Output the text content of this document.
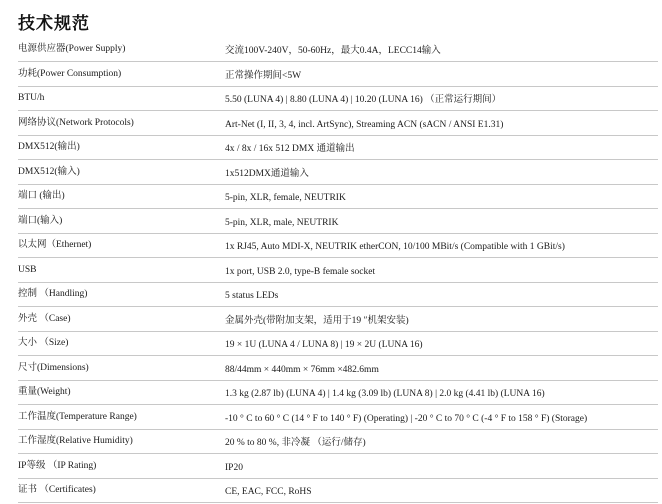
技术规范
电源供应器(Power Supply)	交流100V-240V，50-60Hz，最大0.4A，LECC14输入
功耗(Power Consumption)	正常操作期间<5W
BTU/h	5.50 (LUNA 4) | 8.80 (LUNA 4) | 10.20 (LUNA 16) （正常运行期间）
网络协议(Network Protocols)	Art-Net (I, II, 3, 4, incl. ArtSync), Streaming ACN (sACN / ANSI E1.31)
DMX512(输出)	4x / 8x / 16x 512 DMX 通道输出
DMX512(输入)	1x512DMX通道输入
端口 (输出)	5-pin, XLR, female, NEUTRIK
端口(输入)	5-pin, XLR, male, NEUTRIK
以太网（Ethernet)	1x RJ45, Auto MDI-X, NEUTRIK etherCON, 10/100 MBit/s (Compatible with 1 GBit/s)
USB	1x port, USB 2.0, type-B female socket
控制 （Handling)	5 status LEDs
外壳 （Case)	金属外壳(带附加支架，适用于19 ″机架安装)
大小 （Size)	19 × 1U (LUNA 4 / LUNA 8) | 19 × 2U (LUNA 16)
尺寸(Dimensions)	88/44mm × 440mm × 76mm ×482.6mm
重量(Weight)	1.3 kg (2.87 lb) (LUNA 4) | 1.4 kg (3.09 lb) (LUNA 8) | 2.0 kg (4.41 lb) (LUNA 16)
工作温度(Temperature Range)	-10 ° C to 60 ° C (14 ° F to 140 ° F) (Operating) | -20 ° C to 70 ° C (-4 ° F to 158 ° F) (Storage)
工作湿度(Relative Humidity)	20 % to 80 %, 非冷凝 （运行/储存)
IP等级 （IP Rating)	IP20
证书 （Certificates)	CE, EAC, FCC, RoHS
